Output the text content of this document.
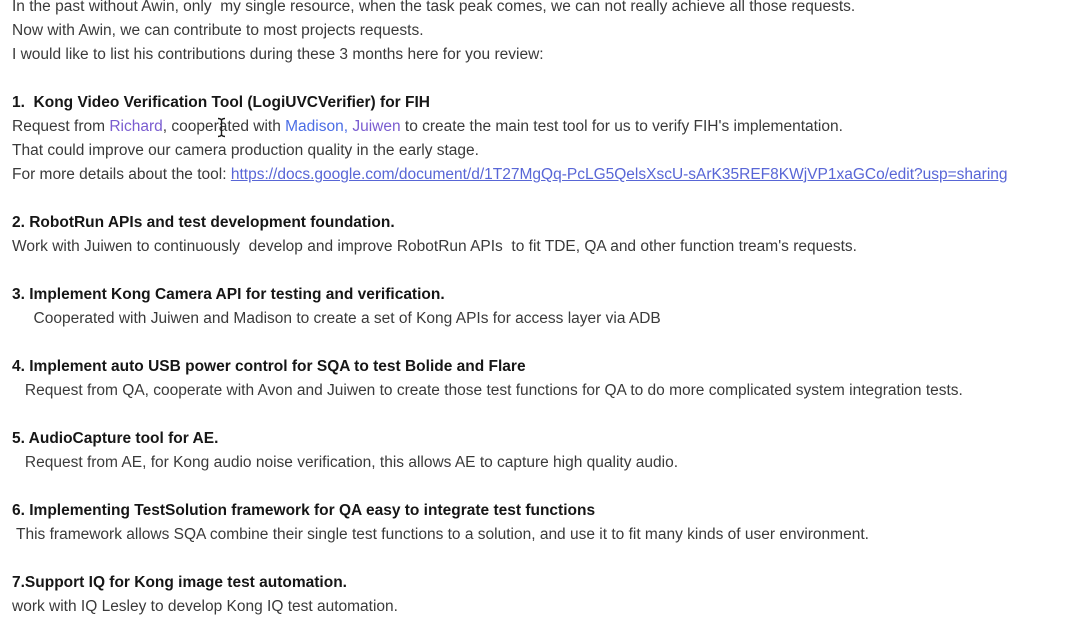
In the past without Awin, only  my single resource, when the task peak comes, we can not really achieve all those requests.
Now with Awin, we can contribute to most projects requests.
I would like to list his contributions during these 3 months here for you review:
1.  Kong Video Verification Tool (LogiUVCVerifier) for FIH
Request from Richard, cooperated with Madison, Juiwen to create the main test tool for us to verify FIH's implementation.
That could improve our camera production quality in the early stage.
For more details about the tool: https://docs.google.com/document/d/1T27MgQq-PcLG5QelsXscU-sArK35REF8KWjVP1xaGCo/edit?usp=sharing
2. RobotRun APIs and test development foundation.
Work with Juiwen to continuously  develop and improve RobotRun APIs  to fit TDE, QA and other function tream's requests.
3. Implement Kong Camera API for testing and verification.
Cooperated with Juiwen and Madison to create a set of Kong APIs for access layer via ADB
4. Implement auto USB power control for SQA to test Bolide and Flare
Request from QA, cooperate with Avon and Juiwen to create those test functions for QA to do more complicated system integration tests.
5. AudioCapture tool for AE.
Request from AE, for Kong audio noise verification, this allows AE to capture high quality audio.
6. Implementing TestSolution framework for QA easy to integrate test functions
This framework allows SQA combine their single test functions to a solution, and use it to fit many kinds of user environment.
7.Support IQ for Kong image test automation.
work with IQ Lesley to develop Kong IQ test automation.
